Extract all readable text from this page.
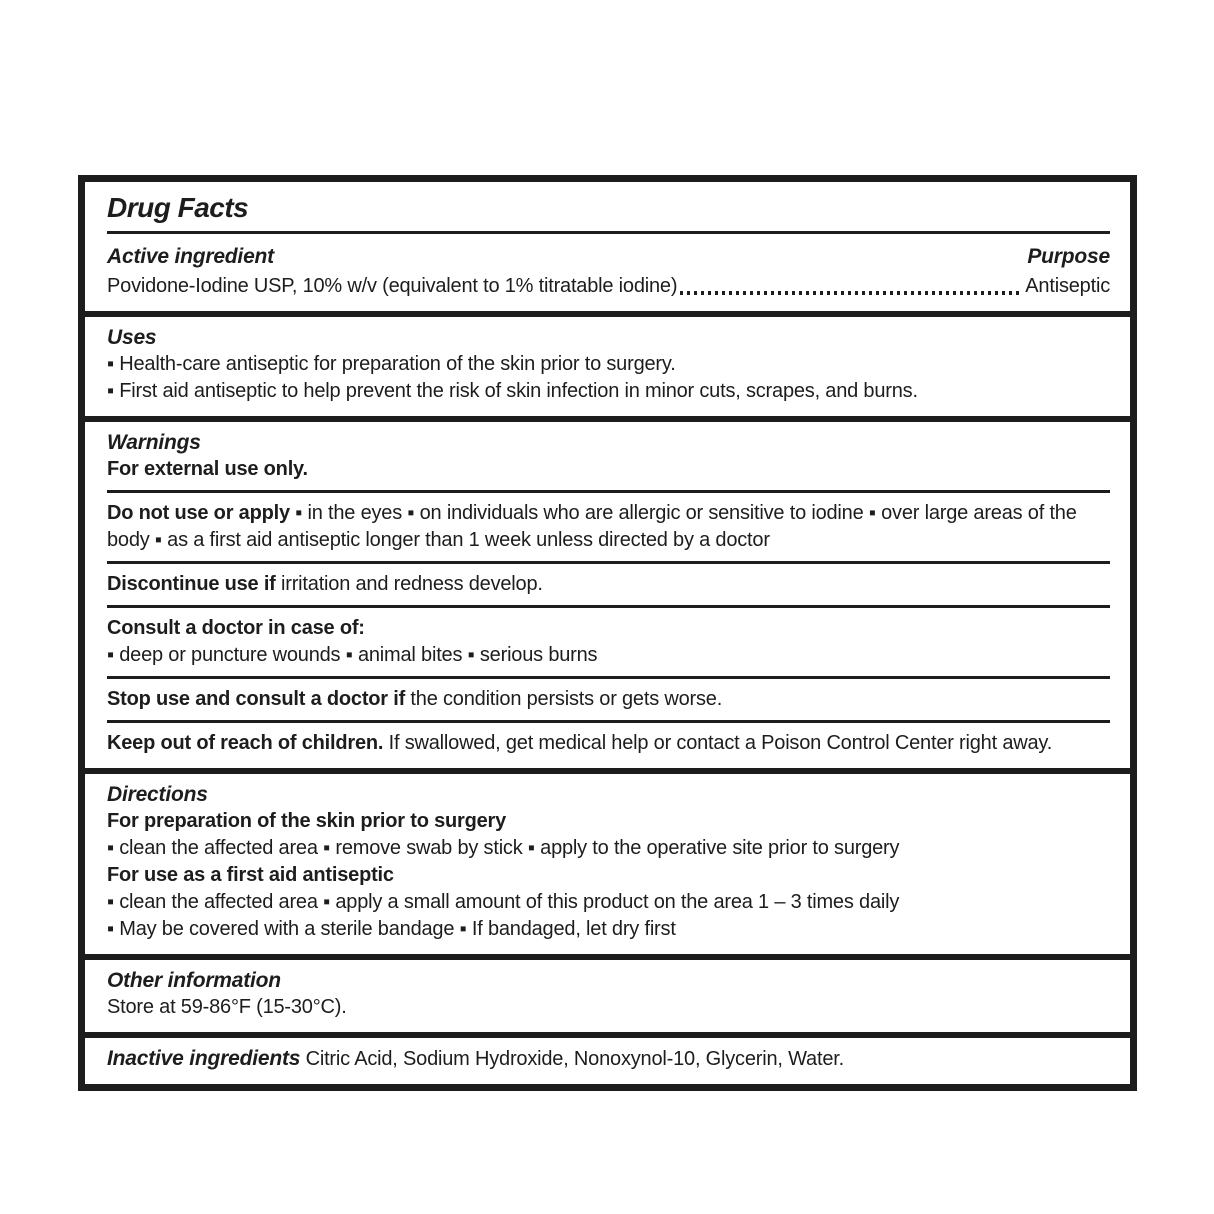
Drug Facts
Active ingredient	Purpose
Povidone-Iodine USP, 10% w/v (equivalent to 1% titratable iodine)	Antiseptic
Uses
▪ Health-care antiseptic for preparation of the skin prior to surgery.
▪ First aid antiseptic to help prevent the risk of skin infection in minor cuts, scrapes, and burns.
Warnings
For external use only.
Do not use or apply ▪ in the eyes ▪ on individuals who are allergic or sensitive to iodine ▪ over large areas of the body ▪ as a first aid antiseptic longer than 1 week unless directed by a doctor
Discontinue use if irritation and redness develop.
Consult a doctor in case of:
▪ deep or puncture wounds ▪ animal bites ▪ serious burns
Stop use and consult a doctor if the condition persists or gets worse.
Keep out of reach of children. If swallowed, get medical help or contact a Poison Control Center right away.
Directions
For preparation of the skin prior to surgery
▪ clean the affected area ▪ remove swab by stick ▪ apply to the operative site prior to surgery
For use as a first aid antiseptic
▪ clean the affected area ▪ apply a small amount of this product on the area 1 – 3 times daily
▪ May be covered with a sterile bandage ▪ If bandaged, let dry first
Other information
Store at 59-86°F (15-30°C).
Inactive ingredients Citric Acid, Sodium Hydroxide, Nonoxynol-10, Glycerin, Water.
